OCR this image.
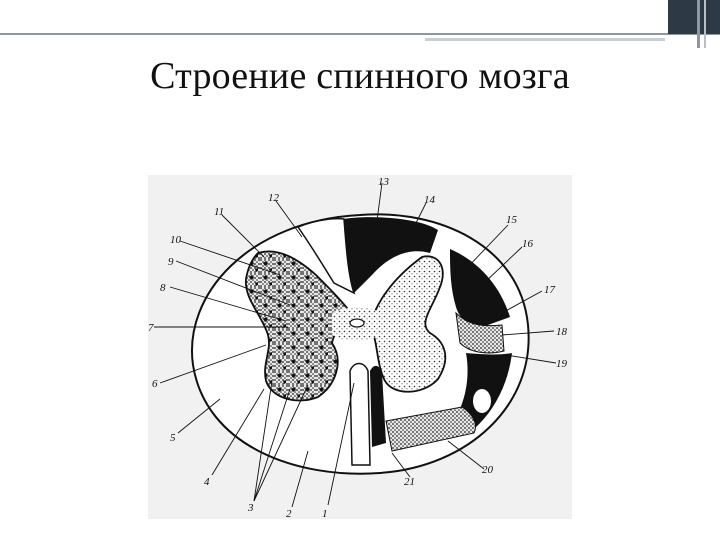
Строение спинного мозга
1
2
3
4
5
6
7
8
9
10
11
12
13
14
15
16
17
18
19
20
21
